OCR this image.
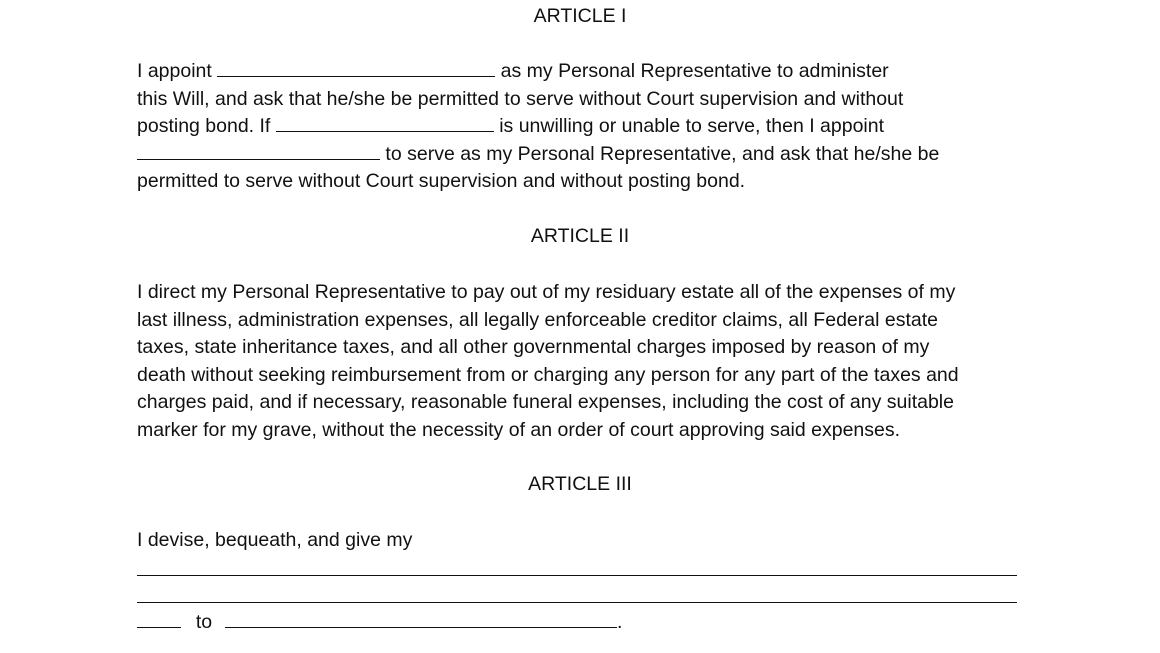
ARTICLE I
I appoint	as my Personal Representative to administer
this Will, and ask that he/she be permitted to serve without Court supervision and without
posting bond. If	is unwilling or unable to serve, then I appoint
to serve as my Personal Representative, and ask that he/she be
permitted to serve without Court supervision and without posting bond.
ARTICLE II
I direct my Personal Representative to pay out of my residuary estate all of the expenses of my
last illness, administration expenses, all legally enforceable creditor claims, all Federal estate
taxes, state inheritance taxes, and all other governmental charges imposed by reason of my
death without seeking reimbursement from or charging any person for any part of the taxes and
charges paid, and if necessary, reasonable funeral expenses, including the cost of any suitable
marker for my grave, without the necessity of an order of court approving said expenses.
ARTICLE III
I devise, bequeath, and give my
to	.
